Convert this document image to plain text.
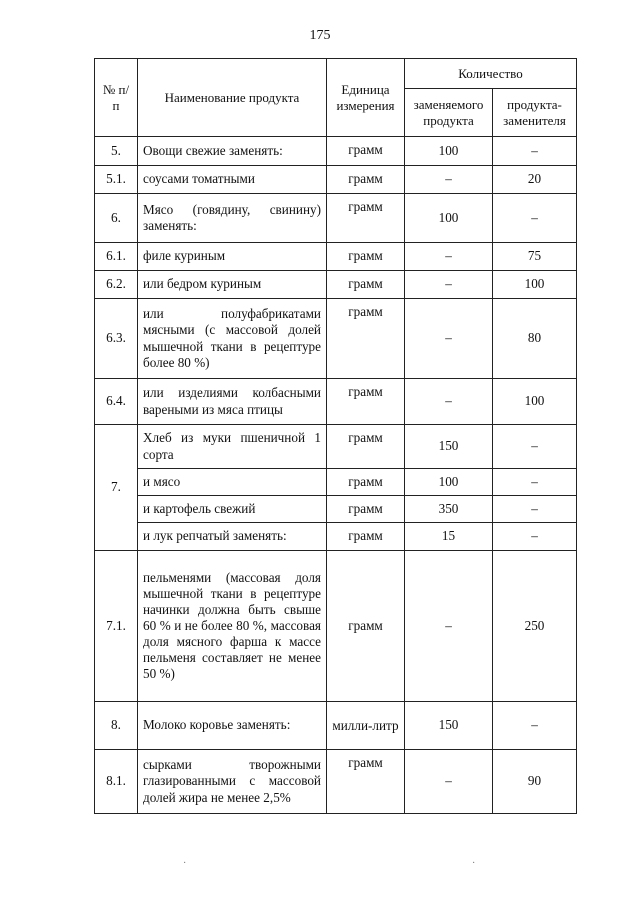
175
№ п/п	Наименование продукта	Единица измерения	Количество	
			заменяемого продукта	продукта-заменителя
5.	Овощи свежие заменять:	грамм	100	–
5.1.	соусами томатными	грамм	–	20
6.	Мясо (говядину, свинину) заменять:	грамм	100	–
6.1.	филе куриным	грамм	–	75
6.2.	или бедром куриным	грамм	–	100
6.3.	или полуфабрикатами мясными (с массовой долей мышечной ткани в рецептуре более 80 %)	грамм	–	80
6.4.	или изделиями колбасными вареными из мяса птицы	грамм	–	100
7.	Хлеб из муки пшеничной 1 сорта	грамм	150	–
	и мясо	грамм	100	–
	и картофель свежий	грамм	350	–
	и лук репчатый заменять:	грамм	15	–
7.1.	пельменями (массовая доля мышечной ткани в рецептуре начинки должна быть свыше 60 % и не более 80 %, массовая доля мясного фарша к массе пельменя составляет не менее 50 %)	грамм	–	250
8.	Молоко коровье заменять:	милли-литр	150	–
8.1.	сырками творожными глазированными с массовой долей жира не менее 2,5%	грамм	–	90
·	·
